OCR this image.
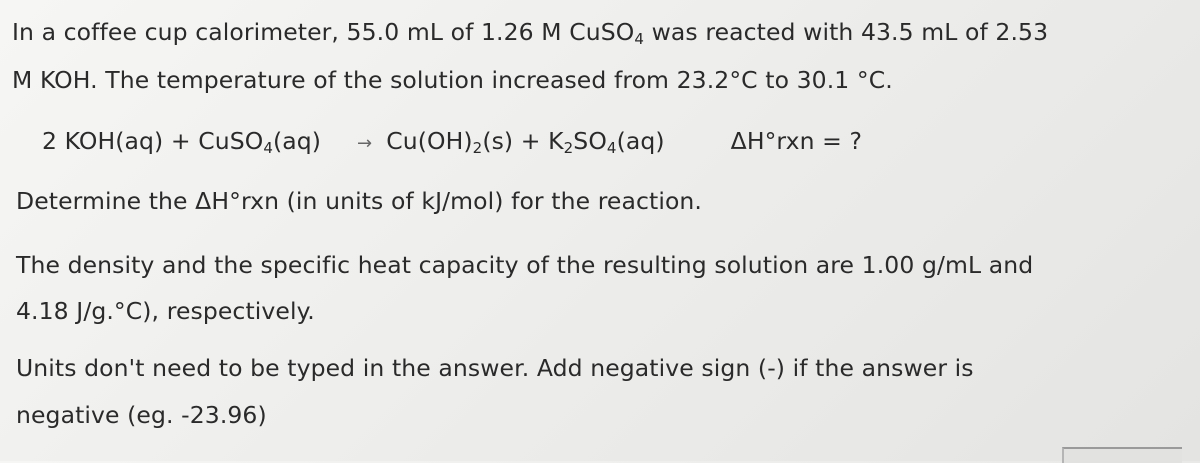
In a coffee cup calorimeter, 55.0 mL of 1.26 M CuSO$_4$ was reacted with 43.5 mL of 2.53
M KOH. The temperature of the solution increased from 23.2°C to 30.1 °C.
2 KOH(aq) + CuSO$_4$(aq) → $Cu(OH)_2(s) + K_2SO_4(aq)$	ΔH°rxn = ?
Determine the ΔH°rxn (in units of kJ/mol) for the reaction.
The density and the specific heat capacity of the resulting solution are 1.00 g/mL and
4.18 J/g.°C), respectively.
Units don't need to be typed in the answer. Add negative sign (-) if the answer is
negative (eg. -23.96)
